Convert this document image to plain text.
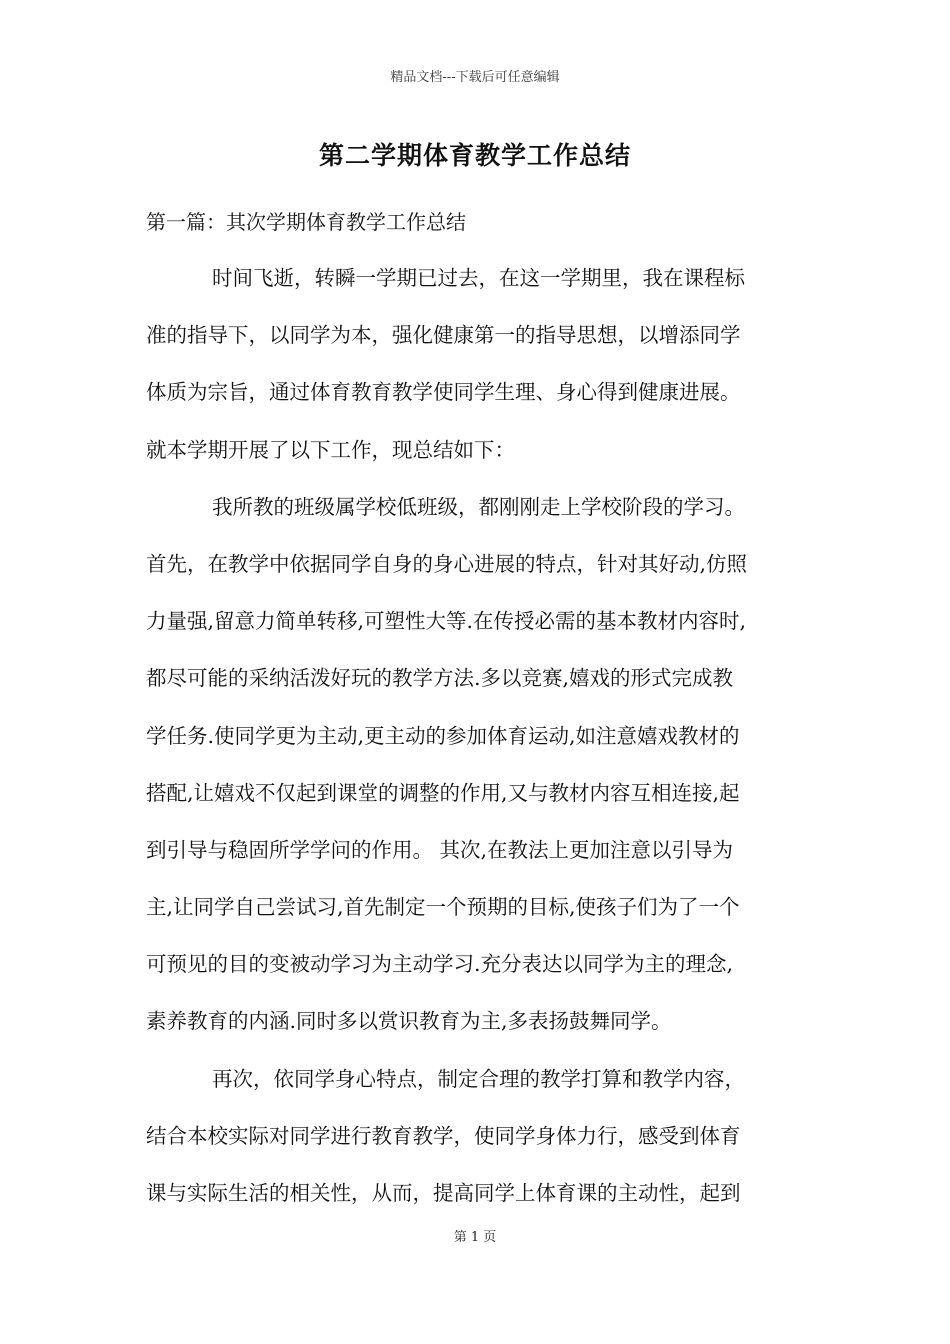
精品文档---下载后可任意编辑
第二学期体育教学工作总结
第一篇：其次学期体育教学工作总结
时间飞逝，转瞬一学期已过去，在这一学期里，我在课程标
准的指导下，以同学为本，强化健康第一的指导思想，以增添同学
体质为宗旨，通过体育教育教学使同学生理、身心得到健康进展。
就本学期开展了以下工作，现总结如下：
我所教的班级属学校低班级，都刚刚走上学校阶段的学习。
首先，在教学中依据同学自身的身心进展的特点，针对其好动,仿照
力量强,留意力简单转移,可塑性大等.在传授必需的基本教材内容时,
都尽可能的采纳活泼好玩的教学方法.多以竞赛,嬉戏的形式完成教
学任务.使同学更为主动,更主动的参加体育运动,如注意嬉戏教材的
搭配,让嬉戏不仅起到课堂的调整的作用,又与教材内容互相连接,起
到引导与稳固所学学问的作用。 其次,在教法上更加注意以引导为
主,让同学自己尝试习,首先制定一个预期的目标,使孩子们为了一个
可预见的目的变被动学习为主动学习.充分表达以同学为主的理念,
素养教育的内涵.同时多以赏识教育为主,多表扬鼓舞同学。
再次，依同学身心特点，制定合理的教学打算和教学内容，
结合本校实际对同学进行教育教学，使同学身体力行，感受到体育
课与实际生活的相关性，从而，提高同学上体育课的主动性，起到
第 1 页
